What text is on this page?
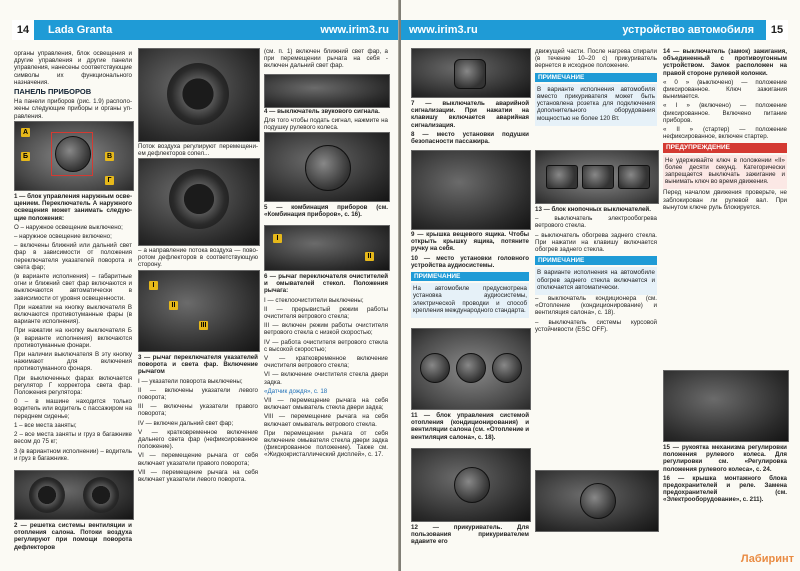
14 Lada Granta	www.irim3.ru

органы управления, блок освещения и другие управления и другие панели управления, нанесены соответствующие символы их функционального назначения.

ПАНЕЛЬ ПРИБОРОВ

На панели приборов (рис. 1.9) расположены следующие приборы и органы управления.

А
Б	В
Г

1 — блок управления наружным освещением. Переключатель А наружного освещения может занимать следующие положения:

О – наружное освещение выключено;

– наружное освещение включено;

– включены ближний или дальний свет фар в зависимости от положения переключателя указателей поворота и света фар;

(в варианте исполнения) – габаритные огни и ближний свет фар включаются и выключаются автоматически в зависимости от уровня освещенности.

При нажатии на кнопку выключателя В включаются противотуманные фары (в варианте исполнения).

При нажатии на кнопку выключателя Б (в варианте исполнения) включаются противотуманные фонари.

При наличии выключателя В эту кнопку нажимают для включения противотуманного фонаря.

При выключенных фарах включается регулятор Г корректора света фар. Положения регулятора:

0 – в машине находится только водитель или водитель с пассажиром на переднем сиденье;

1 – все места заняты;

2 – все места заняты и груз в багажнике весом до 75 кг;

3 (в вариантном исполнении) – водитель и груз в багажнике.

2 — решетка системы вентиляции и отопления салона. Потоки воздуха регулируют при помощи поворота дефлекторов

Поток воздуха регулируют перемещением дефлекторов сопел...

– а направление потока воздуха — поворотом дефлекторов в соответствующую сторону.

I
II
III

3 — рычаг переключателя указателей поворота и света фар. Включение рычагом

I — указатели поворота выключены;

II — включены указатели левого поворота;

III — включены указатели правого поворота;

IV — включен дальний свет фар;

V — кратковременное включение дальнего света фар (нефиксированное положение).

VI — перемещение рычага от себя включает указатели правого поворота;

VII — перемещение рычага на себя включает указатели левого поворота.

(см. п. 1) включен ближний свет фар, а при перемещении рычага на себя - включен дальний свет фар.

4 — выключатель звукового сигнала.

Для того чтобы подать сигнал, нажмите на подушку рулевого колеса.

5 — комбинация приборов (см. «Комбинация приборов», с. 16).

I
II

6 — рычаг переключателя очистителей и омывателей стекол. Положения рычага:

I — стеклоочистители выключены;

II — прерывистый режим работы очистителя ветрового стекла;

III — включен режим работы очистителя ветрового стекла с низкой скоростью;

IV — работа очистителя ветрового стекла с высокой скоростью;

V — кратковременное включение очистителя ветрового стекла;

VI — включение очистителя стекла двери задка.

«Датчик дождя», с. 18

VII — перемещение рычага на себя включает омыватель стекла двери задка;

VIII — перемещение рычага на себя включает омыватель ветрового стекла.

При перемещении рычага от себя включение омывателя стекла двери задка (фиксированное положение). Также см. «Жидкокристаллический дисплей», с. 17.

www.irim3.ru	устройство автомобиля	15

7 — выключатель аварийной сигнализации. При нажатии на клавишу включается аварийная сигнализация.

8 — место установки подушки безопасности пассажира.

9 — крышка вещевого ящика. Чтобы открыть крышку ящика, потяните ручку на себя.

10 — место установки головного устройства аудиосистемы.

ПРИМЕЧАНИЕ

На автомобиле предусмотрена установка аудиосистемы, электрической проводки и способ крепления международного стандарта.

11 — блок управления системой отопления (кондиционирования) и вентиляции салона (см. «Отопление и вентиляция салона», с. 18).

12 — прикуриватель. Для пользования прикуривателем вдавите его

движущей части. После нагрева спирали (в течение 10–20 с) прикуриватель вернется в исходное положение.

ПРИМЕЧАНИЕ

В варианте исполнения автомобиля вместо прикуривателя может быть установлена розетка для подключения дополнительного оборудования мощностью не более 120 Вт.

13 — блок кнопочных выключателей.

– выключатель электрообогрева ветрового стекла.

– выключатель обогрева заднего стекла. При нажатии на клавишу включается обогрев заднего стекла.

ПРИМЕЧАНИЕ

В варианте исполнения на автомобиле обогрев заднего стекла включается и отключается автоматически.

– выключатель кондиционера (см. «Отопление (кондиционирование) и вентиляция салона», с. 18).

– выключатель системы курсовой устойчивости (ESC OFF).

14 — выключатель (замок) зажигания, объединенный с противоугонным устройством. Замок расположен на правой стороне рулевой колонки.

« 0 » (выключено) — положение фиксированное. Ключ зажигания вынимается.

« I » (включено) — положение фиксированное. Включено питание приборов.

« II » (стартер) — положение нефиксированное, включен стартер.

ПРЕДУПРЕЖДЕНИЕ

Не удерживайте ключ в положении «II» более десяти секунд. Категорически запрещается выключать зажигание и вынимать ключ во время движения.

Перед началом движения проверьте, не заблокирован ли рулевой вал. При вынутом ключе руль блокируется.

15 — рукоятка механизма регулировки положения рулевого колеса. Для регулировки см. «Регулировка положения рулевого колеса», с. 24.

16 — крышка монтажного блока предохранителей и реле. Замена предохранителей (см. «Электрооборудование», с. 211).

Лабиринт
